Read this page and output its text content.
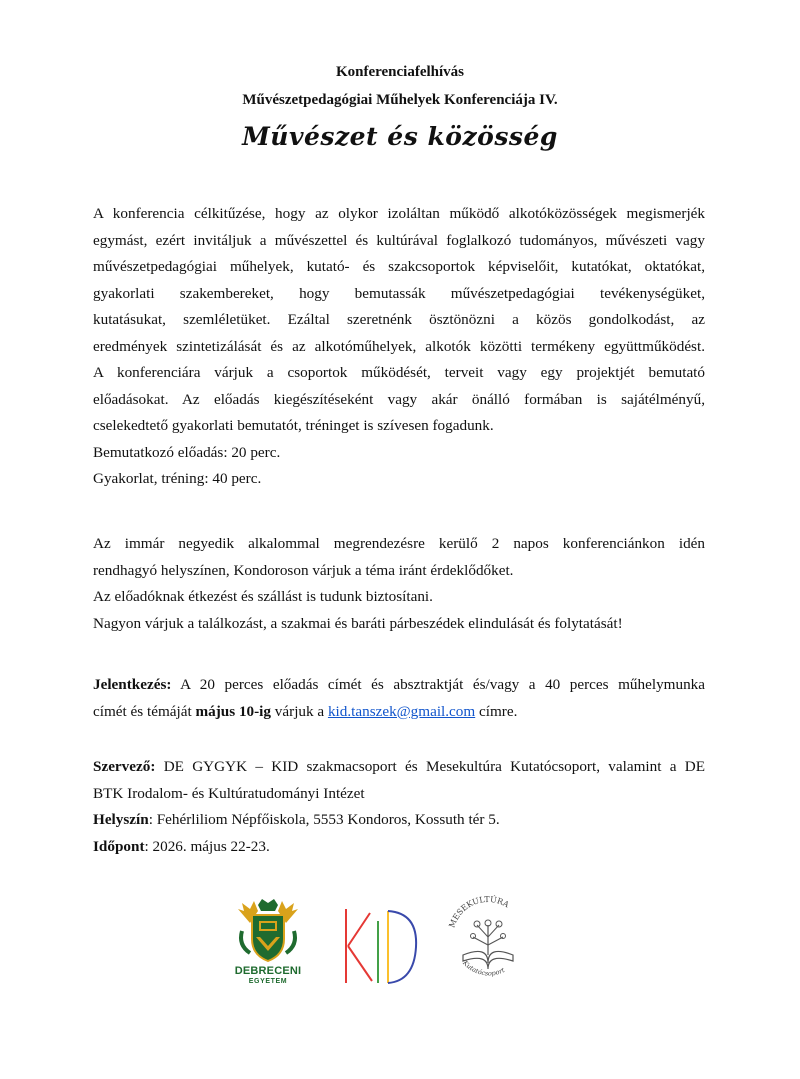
Konferenciafelhívás
Művészetpedagógiai Műhelyek Konferenciája IV.
Művészet és közösség
A konferencia célkitűzése, hogy az olykor izoláltan működő alkotóközösségek megismerjék
egymást, ezért invitáljuk a művészettel és kultúrával foglalkozó tudományos, művészeti vagy
művészetpedagógiai műhelyek, kutató- és szakcsoportok képviselőit, kutatókat, oktatókat,
gyakorlati szakembereket, hogy bemutassák művészetpedagógiai tevékenységüket,
kutatásukat, szemléletüket. Ezáltal szeretnénk ösztönözni a közös gondolkodást, az
eredmények szintetizálását és az alkotóműhelyek, alkotók közötti termékeny együttműködést.
A konferenciára várjuk a csoportok működését, terveit vagy egy projektjét bemutató
előadásokat. Az előadás kiegészítéseként vagy akár önálló formában is sajátélményű,
cselekedtető gyakorlati bemutatót, tréninget is szívesen fogadunk.
Bemutatkozó előadás: 20 perc.
Gyakorlat, tréning: 40 perc.
Az immár negyedik alkalommal megrendezésre kerülő 2 napos konferenciánkon idén
rendhagyó helyszínen, Kondoroson várjuk a téma iránt érdeklődőket.
Az előadóknak étkezést és szállást is tudunk biztosítani.
Nagyon várjuk a találkozást, a szakmai és baráti párbeszédek elindulását és folytatását!
Jelentkezés: A 20 perces előadás címét és absztraktját és/vagy a 40 perces műhelymunka
címét és témáját május 10-ig várjuk a kid.tanszek@gmail.com címre.
Szervező: DE GYGYK – KID szakmacsoport és Mesekultúra Kutatócsoport, valamint a DE
BTK Irodalom- és Kultúratudományi Intézet
Helyszín: Fehérliliom Népfőiskola, 5553 Kondoros, Kossuth tér 5.
Időpont: 2026. május 22-23.
DEBRECENI
EGYETEM
MESEKULTÚRA
Kutatócsoport
